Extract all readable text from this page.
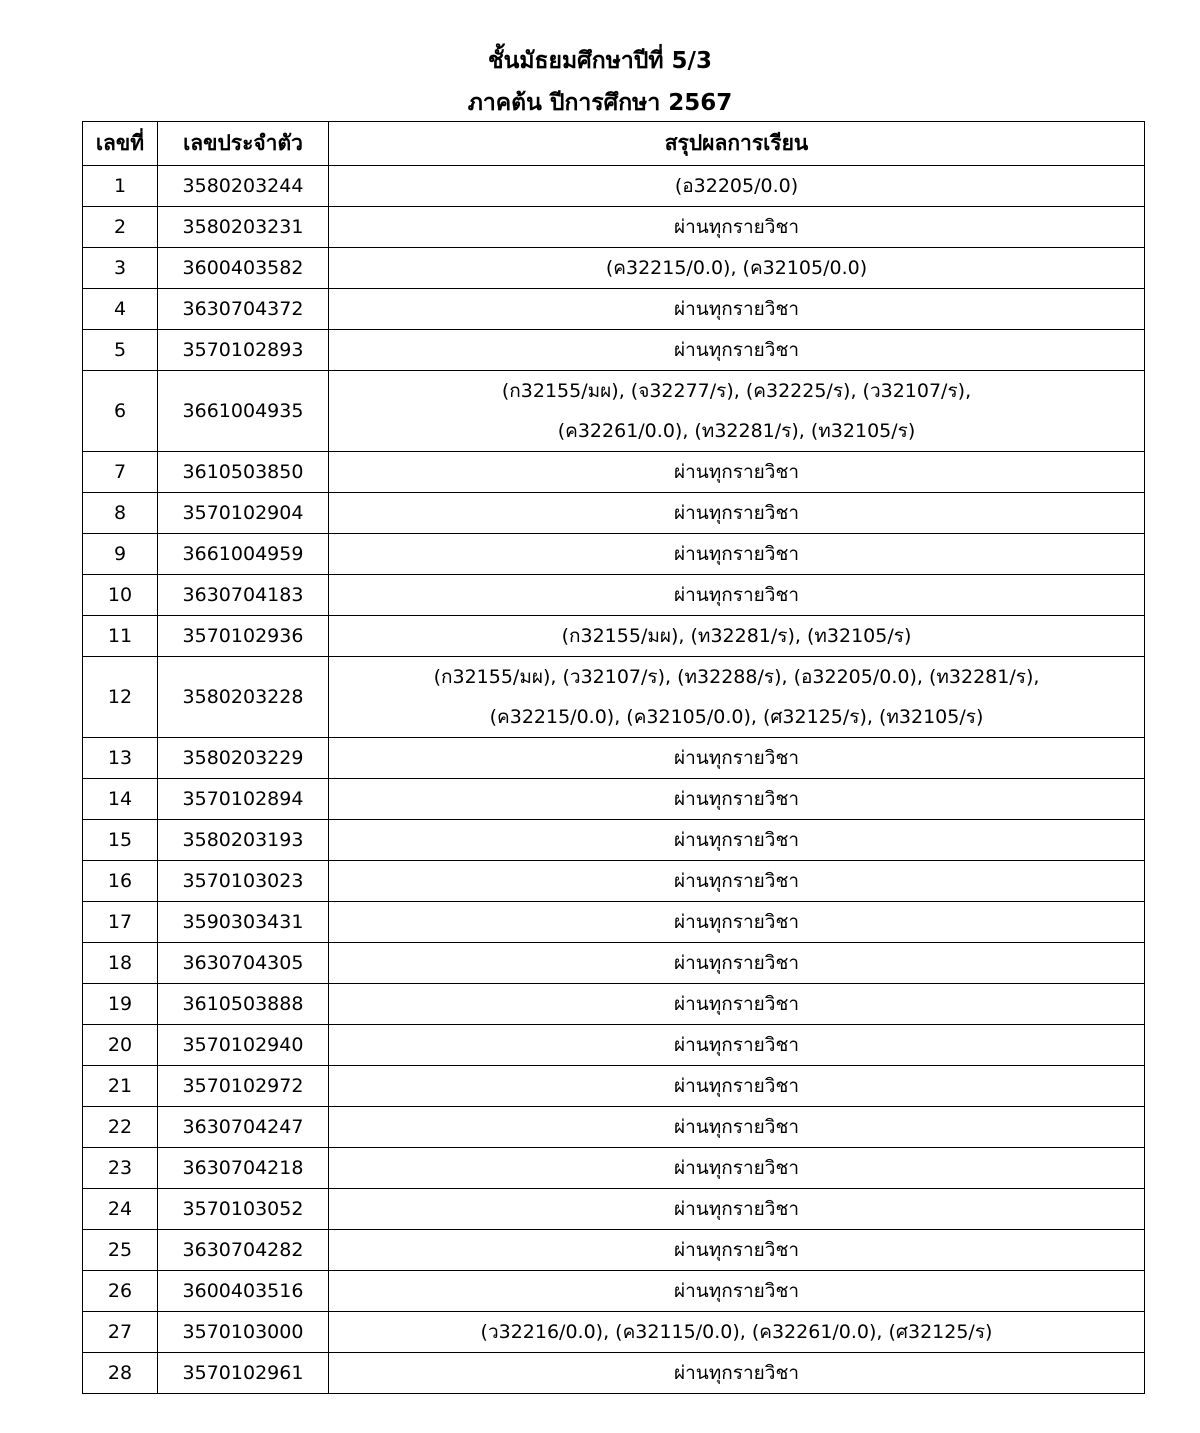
ชั้นมัธยมศึกษาปีที่ 5/3
ภาคต้น ปีการศึกษา 2567
เลขที่	เลขประจำตัว	สรุปผลการเรียน
1	3580203244	(อ32205/0.0)

2	3580203231	ผ่านทุกรายวิชา

3	3600403582	(ค32215/0.0), (ค32105/0.0)

4	3630704372	ผ่านทุกรายวิชา

5	3570102893	ผ่านทุกรายวิชา

6	3661004935	(ก32155/มผ), (จ32277/ร), (ค32225/ร), (ว32107/ร),
(ค32261/0.0), (ท32281/ร), (ท32105/ร)

7	3610503850	ผ่านทุกรายวิชา

8	3570102904	ผ่านทุกรายวิชา

9	3661004959	ผ่านทุกรายวิชา

10	3630704183	ผ่านทุกรายวิชา

11	3570102936	(ก32155/มผ), (ท32281/ร), (ท32105/ร)

12	3580203228	(ก32155/มผ), (ว32107/ร), (ท32288/ร), (อ32205/0.0), (ท32281/ร),
(ค32215/0.0), (ค32105/0.0), (ศ32125/ร), (ท32105/ร)

13	3580203229	ผ่านทุกรายวิชา

14	3570102894	ผ่านทุกรายวิชา

15	3580203193	ผ่านทุกรายวิชา

16	3570103023	ผ่านทุกรายวิชา

17	3590303431	ผ่านทุกรายวิชา

18	3630704305	ผ่านทุกรายวิชา

19	3610503888	ผ่านทุกรายวิชา

20	3570102940	ผ่านทุกรายวิชา

21	3570102972	ผ่านทุกรายวิชา

22	3630704247	ผ่านทุกรายวิชา

23	3630704218	ผ่านทุกรายวิชา

24	3570103052	ผ่านทุกรายวิชา

25	3630704282	ผ่านทุกรายวิชา

26	3600403516	ผ่านทุกรายวิชา

27	3570103000	(ว32216/0.0), (ค32115/0.0), (ค32261/0.0), (ศ32125/ร)

28	3570102961	ผ่านทุกรายวิชา
